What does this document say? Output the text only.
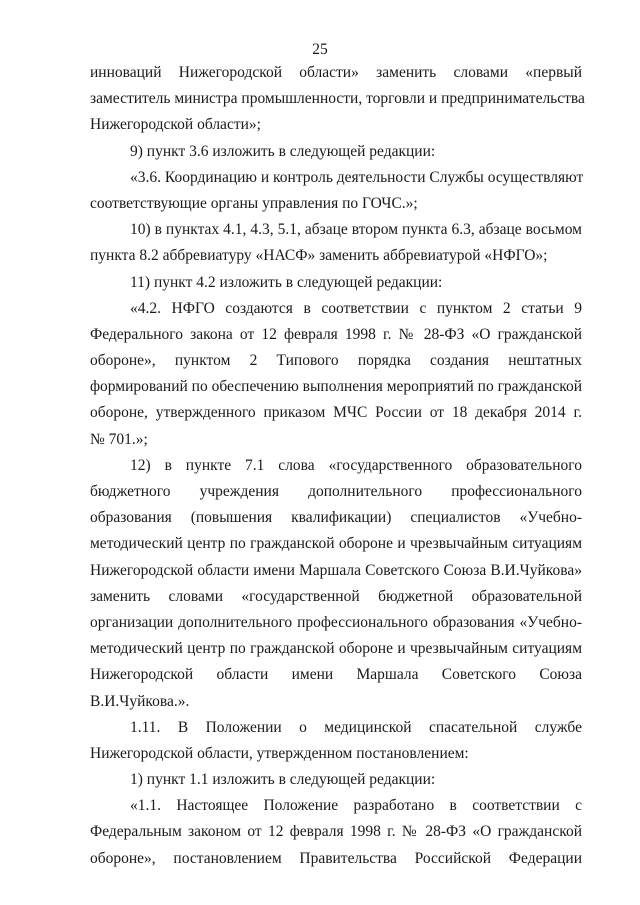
25
инноваций Нижегородской области» заменить словами «первый
заместитель министра промышленности, торговли и предпринимательства
Нижегородской области»;
9) пункт 3.6 изложить в следующей редакции:
«3.6. Координацию и контроль деятельности Службы осуществляют
соответствующие органы управления по ГОЧС.»;
10) в пунктах 4.1, 4.3, 5.1, абзаце втором пункта 6.3, абзаце восьмом
пункта 8.2 аббревиатуру «НАСФ» заменить аббревиатурой «НФГО»;
11) пункт 4.2 изложить в следующей редакции:
«4.2. НФГО создаются в соответствии с пунктом 2 статьи 9
Федерального закона от 12 февраля 1998 г. № 28-ФЗ «О гражданской
обороне», пунктом 2 Типового порядка создания нештатных
формирований по обеспечению выполнения мероприятий по гражданской
обороне, утвержденного приказом МЧС России от 18 декабря 2014 г.
№ 701.»;
12) в пункте 7.1 слова «государственного образовательного
бюджетного учреждения дополнительного профессионального
образования (повышения квалификации) специалистов «Учебно-
методический центр по гражданской обороне и чрезвычайным ситуациям
Нижегородской области имени Маршала Советского Союза В.И.Чуйкова»
заменить словами «государственной бюджетной образовательной
организации дополнительного профессионального образования «Учебно-
методический центр по гражданской обороне и чрезвычайным ситуациям
Нижегородской области имени Маршала Советского Союза
В.И.Чуйкова.».
1.11. В Положении о медицинской спасательной службе
Нижегородской области, утвержденном постановлением:
1) пункт 1.1 изложить в следующей редакции:
«1.1. Настоящее Положение разработано в соответствии с
Федеральным законом от 12 февраля 1998 г. № 28-ФЗ «О гражданской
обороне», постановлением Правительства Российской Федерации
